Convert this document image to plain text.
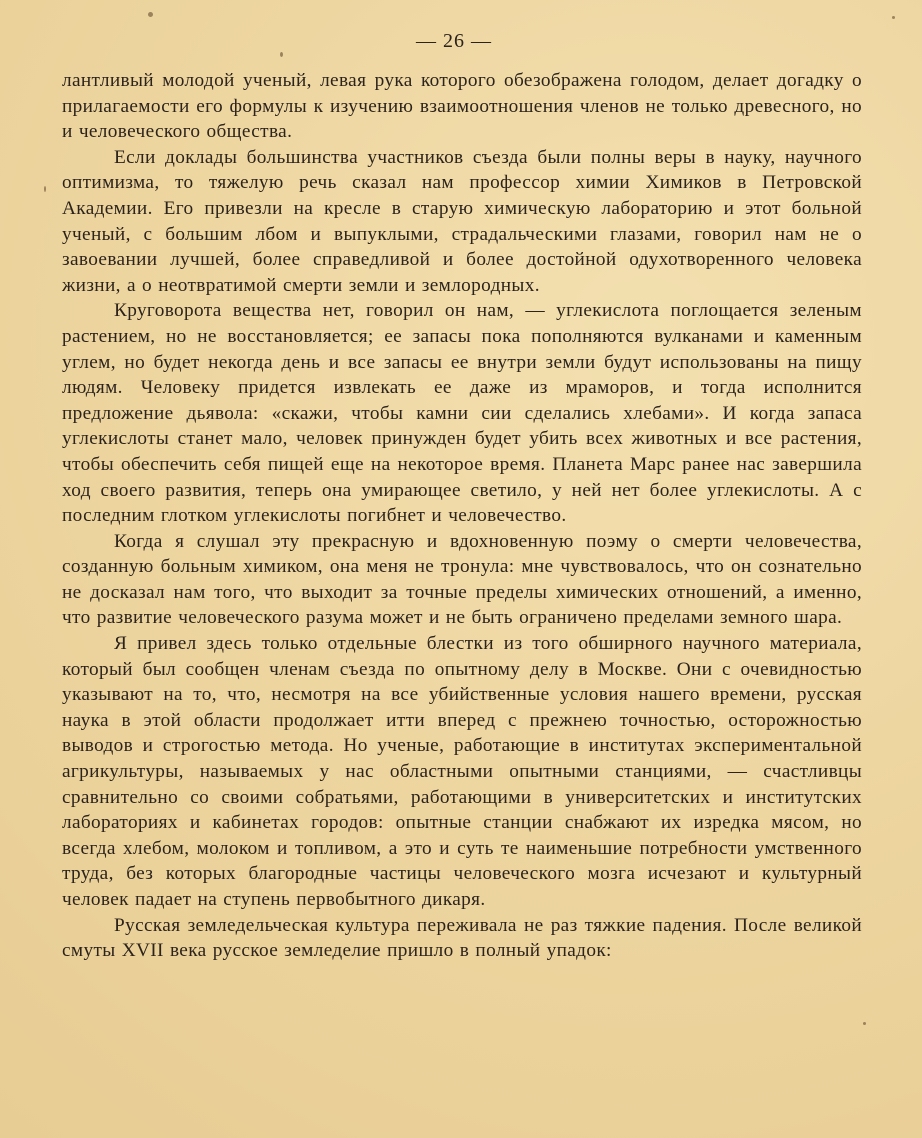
— 26 —

лантливый молодой ученый, левая рука которого обезображена голодом, делает догадку о прилагаемости его формулы к изучению взаимоотношения членов не только древесного, но и человеческого общества.

Если доклады большинства участников съезда были полны веры в науку, научного оптимизма, то тяжелую речь сказал нам профессор химии Химиков в Петровской Академии. Его привезли на кресле в старую химическую лабораторию и этот больной ученый, с большим лбом и выпуклыми, страдальческими глазами, говорил нам не о завоевании лучшей, более справедливой и более достойной одухотворенного человека жизни, а о неотвратимой смерти земли и землородных.

Круговорота вещества нет, говорил он нам, — углекислота поглощается зеленым растением, но не восстановляется; ее запасы пока пополняются вулканами и каменным углем, но будет некогда день и все запасы ее внутри земли будут использованы на пищу людям. Человеку придется извлекать ее даже из мраморов, и тогда исполнится предложение дьявола: «скажи, чтобы камни сии сделались хлебами». И когда запаса углекислоты станет мало, человек принужден будет убить всех животных и все растения, чтобы обеспечить себя пищей еще на некоторое время. Планета Марс ранее нас завершила ход своего развития, теперь она умирающее светило, у ней нет более углекислоты. А с последним глотком углекислоты погибнет и человечество.

Когда я слушал эту прекрасную и вдохновенную поэму о смерти человечества, созданную больным химиком, она меня не тронула: мне чувствовалось, что он сознательно не досказал нам того, что выходит за точные пределы химических отношений, а именно, что развитие человеческого разума может и не быть ограничено пределами земного шара.

Я привел здесь только отдельные блестки из того обширного научного материала, который был сообщен членам съезда по опытному делу в Москве. Они с очевидностью указывают на то, что, несмотря на все убийственные условия нашего времени, русская наука в этой области продолжает итти вперед с прежнею точностью, осторожностью выводов и строгостью метода. Но ученые, работающие в институтах экспериментальной агрикультуры, называемых у нас областными опытными станциями, — счастливцы сравнительно со своими собратьями, работающими в университетских и институтских лабораториях и кабинетах городов: опытные станции снабжают их изредка мясом, но всегда хлебом, молоком и топливом, а это и суть те наименьшие потребности умственного труда, без которых благородные частицы человеческого мозга исчезают и культурный человек падает на ступень первобытного дикаря.

Русская земледельческая культура переживала не раз тяжкие падения. После великой смуты XVII века русское земледелие пришло в полный упадок:
